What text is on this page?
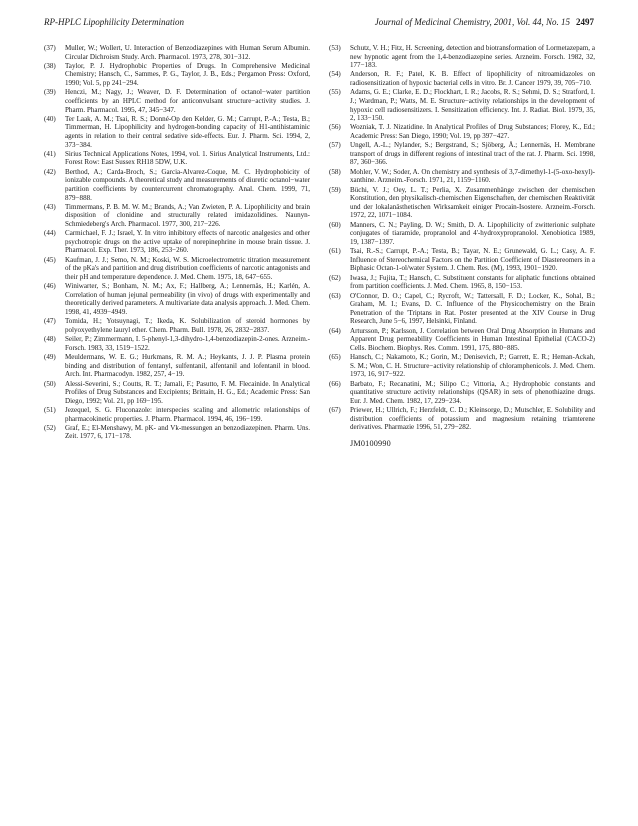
RP-HPLC Lipophilicity Determination	Journal of Medicinal Chemistry, 2001, Vol. 44, No. 15 2497
(37) Muller, W.; Wollert, U. Interaction of Benzodiazepines with Human Serum Albumin. Circular Dichroism Study. Arch. Pharmacol. 1973, 278, 301−312.
(38) Taylor, P. J. Hydrophobic Properties of Drugs. In Comprehensive Medicinal Chemistry; Hansch, C., Sammes, P. G., Taylor, J. B., Eds.; Pergamon Press: Oxford, 1990; Vol. 5, pp 241−294.
(39) Henczi, M.; Nagy, J.; Weaver, D. F. Determination of octanol−water partition coefficients by an HPLC method for anticonvulsant structure−activity studies. J. Pharm. Pharmacol. 1995, 47, 345−347.
(40) Ter Laak, A. M.; Tsai, R. S.; Donné-Op den Kelder, G. M.; Carrupt, P.-A.; Testa, B.; Timmerman, H. Lipophilicity and hydrogen-bonding capacity of H1-antihistaminic agents in relation to their central sedative side-effects. Eur. J. Pharm. Sci. 1994, 2, 373−384.
(41) Sirius Technical Applications Notes, 1994, vol. 1. Sirius Analytical Instruments, Ltd.: Forest Row: East Sussex RH18 5DW, U.K.
(42) Berthod, A.; Carda-Broch, S.; Garcia-Alvarez-Coque, M. C. Hydrophobicity of ionizable compounds. A theoretical study and measurements of diuretic octanol−water partition coefficients by countercurrent chromatography. Anal. Chem. 1999, 71, 879−888.
(43) Timmermans, P. B. M. W. M.; Brands, A.; Van Zwieten, P. A. Lipophilicity and brain disposition of clonidine and structurally related imidazolidines. Naunyn-Schmiedeberg's Arch. Pharmacol. 1977, 300, 217−226.
(44) Carmichael, F. J.; Israel, Y. In vitro inhibitory effects of narcotic analgesics and other psychotropic drugs on the active uptake of norepinephrine in mouse brain tissue. J. Pharmacol. Exp. Ther. 1973, 186, 253−260.
(45) Kaufman, J. J.; Semo, N. M.; Koski, W. S. Microelectrometric titration measurement of the pKa's and partition and drug distribution coefficients of narcotic antagonists and their pH and temperature dependence. J. Med. Chem. 1975, 18, 647−655.
(46) Winiwarter, S.; Bonham, N. M.; Ax, F.; Hallberg, A.; Lennernäs, H.; Karlén, A. Correlation of human jejunal permeability (in vivo) of drugs with experimentally and theoretically derived parameters. A multivariate data analysis approach. J. Med. Chem. 1998, 41, 4939−4949.
(47) Tomida, H.; Yotsuynagi, T.; Ikeda, K. Solubilization of steroid hormones by polyoxyethylene lauryl ether. Chem. Pharm. Bull. 1978, 26, 2832−2837.
(48) Seiler, P.; Zimmermann, I. 5-phenyl-1,3-dihydro-1,4-benzodiazepin-2-ones. Arzneim.-Forsch. 1983, 33, 1519−1522.
(49) Meuldermans, W. E. G.; Hurkmans, R. M. A.; Heykants, J. J. P. Plasma protein binding and distribution of fentanyl, sulfentanil, alfentanil and lofentanil in blood. Arch. Int. Pharmacodyn. 1982, 257, 4−19.
(50) Alessi-Severini, S.; Coutts, R. T.; Jamali, F.; Pasutto, F. M. Flecainide. In Analytical Profiles of Drug Substances and Excipients; Brittain, H. G., Ed.; Academic Press: San Diego, 1992; Vol. 21, pp 169−195.
(51) Jezequel, S. G. Fluconazole: interspecies scaling and allometric relationships of pharmacokinetic properties. J. Pharm. Pharmacol. 1994, 46, 196−199.
(52) Graf, E.; El-Menshawy, M. pK- and Vk-messungen an benzodiazepinen. Pharm. Uns. Zeit. 1977, 6, 171−178.
(53) Schutz, V. H.; Fitz, H. Screening, detection and biotransformation of Lormetazepam, a new hypnotic agent from the 1,4-benzodiazepine series. Arzneim. Forsch. 1982, 32, 177−183.
(54) Anderson, R. F.; Patel, K. B. Effect of lipophilicity of nitroamidazoles on radiosensitization of hypoxic bacterial cells in vitro. Br. J. Cancer 1979, 39, 705−710.
(55) Adams, G. E.; Clarke, E. D.; Flockhart, I. R.; Jacobs, R. S.; Sehmi, D. S.; Stratford, I. J.; Wardman, P.; Watts, M. E. Structure−activity relationships in the development of hypoxic cell radiosensitizers. I. Sensitization efficiency. Int. J. Radiat. Biol. 1979, 35, 2, 133−150.
(56) Wozniak, T. J. Nizatidine. In Analytical Profiles of Drug Substances; Florey, K., Ed.; Academic Press: San Diego, 1990; Vol. 19, pp 397−427.
(57) Ungell, A.-L.; Nylander, S.; Bergstrand, S.; Sjöberg, Å.; Lennernäs, H. Membrane transport of drugs in different regions of intestinal tract of the rat. J. Pharm. Sci. 1998, 87, 360−366.
(58) Mohler, V. W.; Soder, A. On chemistry and synthesis of 3,7-dimethyl-1-(5-oxo-hexyl)-xanthine. Arzneim.-Forsch. 1971, 21, 1159−1160.
(59) Büchi, V. J.; Oey, L. T.; Perlia, X. Zusammenhänge zwischen der chemischen Konstitution, den physikalisch-chemischen Eigenschaften, der chemischen Reaktivität und der lokalanästhetischen Wirksamkeit einiger Procain-Isostere. Arzneim.-Forsch. 1972, 22, 1071−1084.
(60) Manners, C. N.; Payling, D. W.; Smith, D. A. Lipophilicity of zwitterionic sulphate conjugates of tiaramide, propranolol and 4'-hydroxypropranolol. Xenobiotica 1989, 19, 1387−1397.
(61) Tsai, R.-S.; Carrupt, P.-A.; Testa, B.; Tayar, N. E.; Grunewald, G. L.; Casy, A. F. Influence of Stereochemical Factors on the Partition Coefficient of Diastereomers in a Biphasic Octan-1-ol/water System. J. Chem. Res. (M), 1993, 1901−1920.
(62) Iwasa, J.; Fujita, T.; Hansch, C. Substituent constants for aliphatic functions obtained from partition coefficients. J. Med. Chem. 1965, 8, 150−153.
(63) O'Connor, D. O.; Capel, C.; Rycroft, W.; Tattersall, F. D.; Locker, K., Sohal, B.; Graham, M. I.; Evans, D. C. Influence of the Physicochemistry on the Brain Penetration of the 'Triptans in Rat. Poster presented at the XIV Course in Drug Research, June 5−6, 1997, Helsinki, Finland.
(64) Artursson, P.; Karlsson, J. Correlation between Oral Drug Absorption in Humans and Apparent Drug permeability Coefficients in Human Intestinal Epithelial (CACO-2) Cells. Biochem. Biophys. Res. Comm. 1991, 175, 880−885.
(65) Hansch, C.; Nakamoto, K.; Gorin, M.; Denisevich, P.; Garrett, E. R.; Heman-Ackah, S. M.; Won, C. H. Structure−activity relationship of chloramphenicols. J. Med. Chem. 1973, 16, 917−922.
(66) Barbato, F.; Recanatini, M.; Silipo C.; Vittoria, A.; Hydrophobic constants and quantitative structure activity relationships (QSAR) in sets of phenothiazine drugs. Eur. J. Med. Chem. 1982, 17, 229−234.
(67) Priewer, H.; Ullrich, F.; Herzfeldt, C. D.; Kleinsorge, D.; Mutschler, E. Solubility and distribution coefficients of potassium and magnesium retaining triamterene derivatives. Pharmazie 1996, 51, 279−282.
JM0100990
